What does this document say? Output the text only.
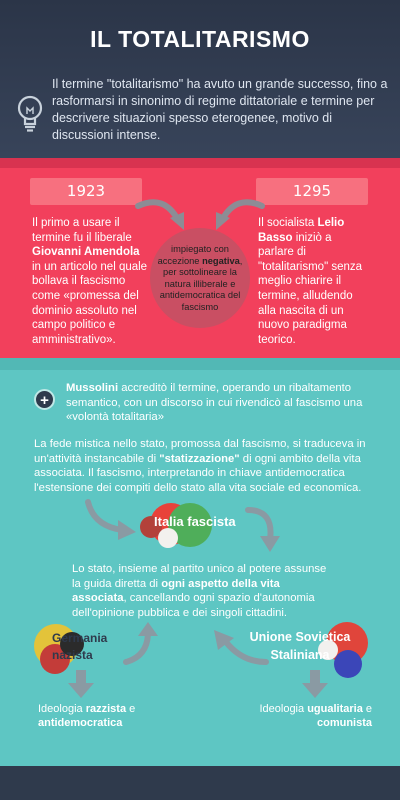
IL TOTALITARISMO
Il termine "totalitarismo" ha avuto un grande successo, fino a rasformarsi in sinonimo di regime dittatoriale e termine per descrivere situazioni spesso eterogenee, motivo di discussioni intense.
1923	1295
Il primo a usare il termine fu il liberale Giovanni Amendola in un articolo nel quale bollava il fascismo come «promessa del dominio assoluto nel campo politico e amministrativo».
impiegato con accezione negativa, per sottolineare la natura illiberale e antidemocratica del fascismo
Il socialista Lelio Basso iniziò a parlare di "totalitarismo" senza meglio chiarire il termine, alludendo alla nascita di un nuovo paradigma teorico.
+
Mussolini accreditò il termine, operando un ribaltamento semantico, con un discorso in cui rivendicò al fascismo una «volontà totalitaria»
La fede mistica nello stato, promossa dal fascismo, si traduceva in un'attività instancabile di "statizzazione" di ogni ambito della vita associata. Il fascismo, interpretando in chiave antidemocratica l'estensione dei compiti dello stato alla vita sociale ed economica.
Italia fascista
Lo stato, insieme al partito unico al potere assunse la guida diretta di ogni aspetto della vita associata, cancellando ogni spazio d'autonomia dell'opinione pubblica e dei singoli cittadini.
Germania nazista
Unione Sovietica Staliniana
Ideologia razzista e antidemocratica
Ideologia ugualitaria e comunista
